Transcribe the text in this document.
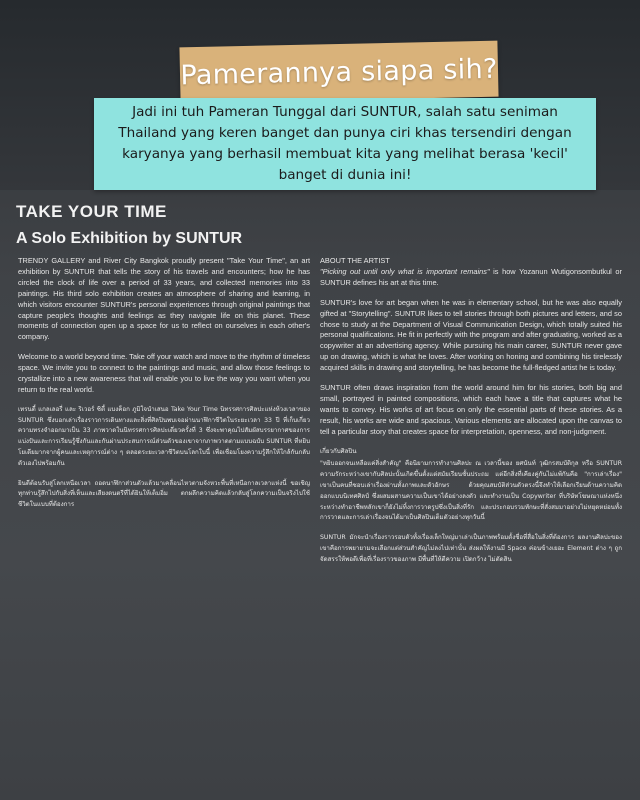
Pamerannya siapa sih?
Jadi ini tuh Pameran Tunggal dari SUNTUR, salah satu seniman Thailand yang keren banget dan punya ciri khas tersendiri dengan karyanya yang berhasil membuat kita yang melihat berasa 'kecil' banget di dunia ini!
TAKE YOUR TIME
A Solo Exhibition by SUNTUR

TRENDY GALLERY and River City Bangkok proudly present "Take Your Time", an art exhibition by SUNTUR that tells the story of his travels and encounters; how he has circled the clock of life over a period of 33 years, and collected memories into 33 paintings. His third solo exhibition creates an atmosphere of sharing and learning, in which visitors encounter SUNTUR's personal experiences through original paintings that capture people's thoughts and feelings as they navigate life on this planet. These moments of connection open up a space for us to reflect on ourselves in each other's company.

Welcome to a world beyond time. Take off your watch and move to the rhythm of timeless space. We invite you to connect to the paintings and music, and allow those feelings to crystallize into a new awareness that will enable you to live the way you want when you return to the real world.

เทรนดี้ แกลเลอรี่ และ ริเวอร์ ซิตี้ แบงค็อก ภูมิใจนำเสนอ Take Your Time นิทรรศการศิลปะแห่งห้วงเวลาของ SUNTUR ซึ่งบอกเล่าเรื่องราวการเดินทางและสิ่งที่ศิลปินพบเจอผ่านนาฬิกาชีวิตในระยะเวลา 33 ปี ที่เก็บเกี่ยวความทรงจำออกมาเป็น 33 ภาพวาดในนิทรรศการศิลปะเดี่ยวครั้งที่ 3 ซึ่งจะพาคุณไปสัมผัสบรรยากาศของการแบ่งปันและการเรียนรู้ซึ่งกันและกันผ่านประสบการณ์ส่วนตัวของเขาจากภาพวาดตามแบบฉบับ SUNTUR ที่หยิบโยเดียมากจากผู้คนและเหตุการณ์ต่าง ๆ ตลอดระยะเวลาชีวิตบนโลกใบนี้ เพื่อเชื่อมโยงความรู้สึกให้ใกล้กันกลับตัวเองไปพร้อมกัน

ยินดีต้อนรับสู่โลกเหนือเวลา ถอดนาฬิกาส่วนตัวแล้วมาเคลื่อนไหวตามจังหวะพื้นที่เหนือกาลเวลาแห่งนี้ ขอเชิญทุกท่านรู้สึกไปกับสิ่งที่เห็นและเสียงดนตรีที่ได้ยินให้เต็มอิ่ม ตกผลึกความคิดแล้วกลับสู่โลกความเป็นจริงไปใช้ชีวิตในแบบที่ต้องการ

ABOUT THE ARTIST

"Picking out until only what is important remains" is how Yozanun Wutigonsombutkul or SUNTUR defines his art at this time.

SUNTUR's love for art began when he was in elementary school, but he was also equally gifted at "Storytelling". SUNTUR likes to tell stories through both pictures and letters, and so chose to study at the Department of Visual Communication Design, which totally suited his personal qualifications. He fit in perfectly with the program and after graduating, worked as a copywriter at an advertising agency. While pursuing his main career, SUNTUR never gave up on drawing, which is what he loves. After working on honing and combining his tirelessly acquired skills in drawing and storytelling, he has become the full-fledged artist he is today.

SUNTUR often draws inspiration from the world around him for his stories, both big and small, portrayed in painted compositions, which each have a title that captures what he wants to convey. His works of art focus on only the essential parts of these stories. As a result, his works are wide and spacious. Various elements are allocated upon the canvas to tell a particular story that creates space for interpretation, openness, and non-judgment.

เกี่ยวกับศิลปิน

"หยิบออกจนเหลือแค่สิ่งสำคัญ" คือนิยามการทำงานศิลปะ ณ เวลานี้ของ ยศนันท์ วุฒิกรสมบัติกุล หรือ SUNTUR ความรักระหว่างเขากับศิลปะนั้นเกิดขึ้นตั้งแต่สมัยเรียนชั้นประถม แต่อีกสิ่งที่เคียงคู่กันไม่แพ้กันคือ "การเล่าเรื่อง" เขาเป็นคนที่ชอบเล่าเรื่องผ่านทั้งภาพและตัวอักษร ด้วยคุณสมบัติส่วนตัวตรงนี้จึงทำให้เลือกเรียนด้านความคิดออกแบบนิเทศศิลป์ ซึ่งผสมผสานความเป็นเขาได้อย่างลงตัว และทำงานเป็น Copywriter ที่บริษัทโฆษณาแห่งหนึ่ง ระหว่างทำอาชีพหลักเขาก็ยังไม่ทิ้งการวาดรูปซึ่งเป็นสิ่งที่รัก และประกอบรวมทักษะที่สั่งสมมาอย่างไม่หยุดหย่อนทั้งการวาดและการเล่าเรื่องจนได้มาเป็นศิลปินเต็มตัวอย่างทุกวันนี้

SUNTUR มักจะนำเรื่องราวรอบตัวทั้งเรื่องเล็กใหญ่มาเล่าเป็นภาพพร้อมตั้งชื่อที่สื่อในสิ่งที่ต้องการ ผลงานศิลปะของเขาคือการพยายามจะเลือกแต่ส่วนสำคัญไม่ลงไปเท่านั้น ส่งผลให้งานมี Space ค่อนข้างเยอะ Element ต่าง ๆ ถูกจัดสรรให้พอดีเพื่อที่เรื่องราวของภาพ มีพื้นที่ให้ตีความ เปิดกว้าง ไม่ตัดสิน
